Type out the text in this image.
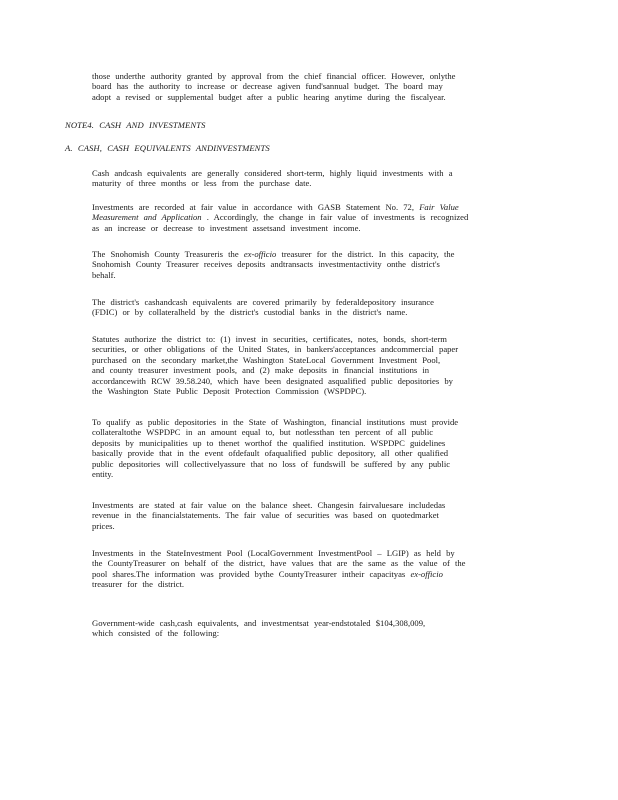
those underthe authority granted by approval from the chief financial officer. However, onlythe
board has the authority to increase or decrease agiven fund'sannual budget. The board may
adopt a revised or supplemental budget after a public hearing anytime during the fiscalyear.
NOTE4. CASH AND INVESTMENTS
A. CASH, CASH EQUIVALENTS ANDINVESTMENTS
Cash andcash equivalents are generally considered short-term, highly liquid investments with a
maturity of three months or less from the purchase date.
Investments are recorded at fair value in accordance with GASB Statement No. 72, Fair Value
Measurement and Application . Accordingly, the change in fair value of investments is recognized
as an increase or decrease to investment assetsand investment income.
The Snohomish County Treasureris the ex-officio treasurer for the district. In this capacity, the
Snohomish County Treasurer receives deposits andtransacts investmentactivity onthe district's
behalf.
The district's cashandcash equivalents are covered primarily by federaldepository insurance
(FDIC) or by collateralheld by the district's custodial banks in the district's name.
Statutes authorize the district to: (1) invest in securities, certificates, notes, bonds, short-term
securities, or other obligations of the United States, in bankers'acceptances andcommercial paper
purchased on the secondary market,the Washington StateLocal Government Investment Pool,
and county treasurer investment pools, and (2) make deposits in financial institutions in
accordancewith RCW 39.58.240, which have been designated asqualified public depositories by
the Washington State Public Deposit Protection Commission (WSPDPC).
To qualify as public depositories in the State of Washington, financial institutions must provide
collateraltothe WSPDPC in an amount equal to, but notlessthan ten percent of all public
deposits by municipalities up to thenet worthof the qualified institution. WSPDPC guidelines
basically provide that in the event ofdefault ofaqualified public depository, all other qualified
public depositories will collectivelyassure that no loss of fundswill be suffered by any public
entity.
Investments are stated at fair value on the balance sheet. Changesin fairvaluesare includedas
revenue in the financialstatements. The fair value of securities was based on quotedmarket
prices.
Investments in the StateInvestment Pool (LocalGovernment InvestmentPool – LGIP) as held by
the CountyTreasurer on behalf of the district, have values that are the same as the value of the
pool shares.The information was provided bythe CountyTreasurer intheir capacityas ex-officio
treasurer for the district.
Government-wide cash,cash equivalents, and investmentsat year-endstotaled $104,308,009,
which consisted of the following:
